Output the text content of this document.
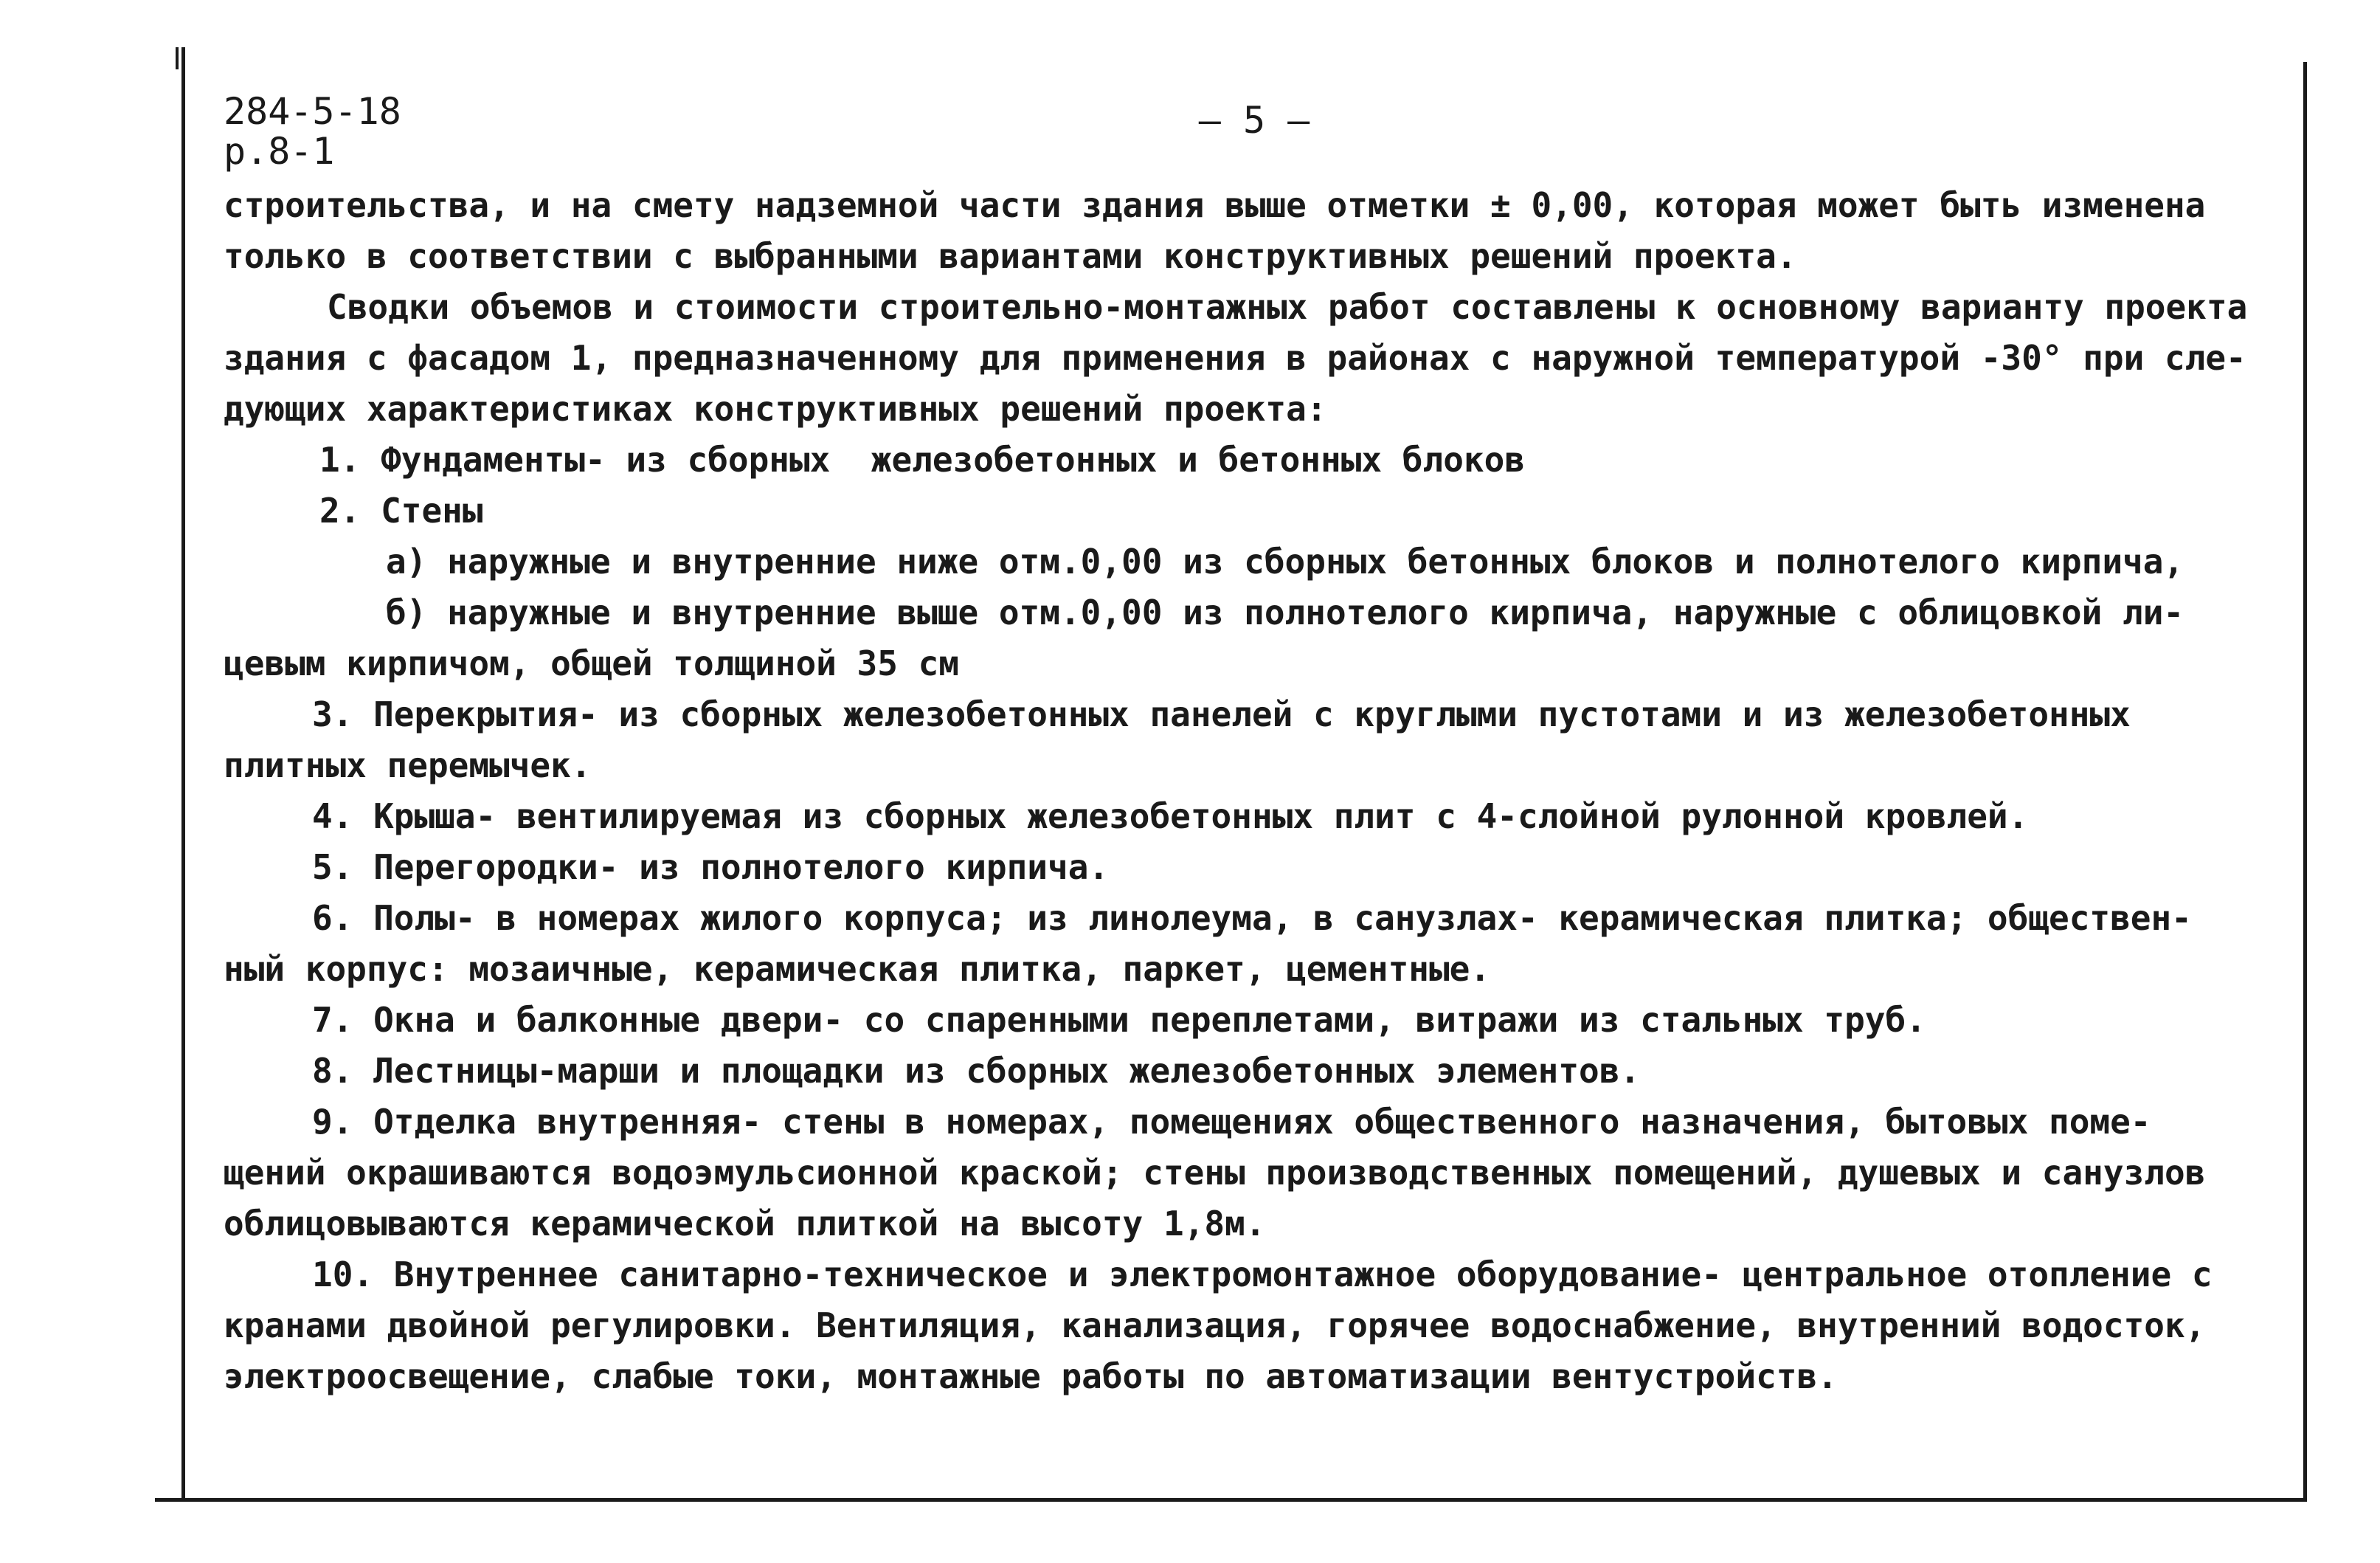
284-5-18
р.8-1
— 5 —
строительства, и на смету надземной части здания выше отметки ± 0,00, которая может быть изменена
только в соответствии с выбранными вариантами конструктивных решений проекта.
Сводки объемов и стоимости строительно-монтажных работ составлены к основному варианту проекта
здания с фасадом 1, предназначенному для применения в районах с наружной температурой -30° при сле-
дующих характеристиках конструктивных решений проекта:
1. Фундаменты- из сборных  железобетонных и бетонных блоков
2. Стены
а) наружные и внутренние ниже отм.0,00 из сборных бетонных блоков и полнотелого кирпича,
б) наружные и внутренние выше отм.0,00 из полнотелого кирпича, наружные с облицовкой ли-
цевым кирпичом, общей толщиной 35 см
3. Перекрытия- из сборных железобетонных панелей с круглыми пустотами и из железобетонных
плитных перемычек.
4. Крыша- вентилируемая из сборных железобетонных плит с 4-слойной рулонной кровлей.
5. Перегородки- из полнотелого кирпича.
6. Полы- в номерах жилого корпуса; из линолеума, в санузлах- керамическая плитка; обществен-
ный корпус: мозаичные, керамическая плитка, паркет, цементные.
7. Окна и балконные двери- со спаренными переплетами, витражи из стальных труб.
8. Лестницы-марши и площадки из сборных железобетонных элементов.
9. Отделка внутренняя- стены в номерах, помещениях общественного назначения, бытовых поме-
щений окрашиваются водоэмульсионной краской; стены производственных помещений, душевых и санузлов
облицовываются керамической плиткой на высоту 1,8м.
10. Внутреннее санитарно-техническое и электромонтажное оборудование- центральное отопление с
кранами двойной регулировки. Вентиляция, канализация, горячее водоснабжение, внутренний водосток,
электроосвещение, слабые токи, монтажные работы по автоматизации вентустройств.
